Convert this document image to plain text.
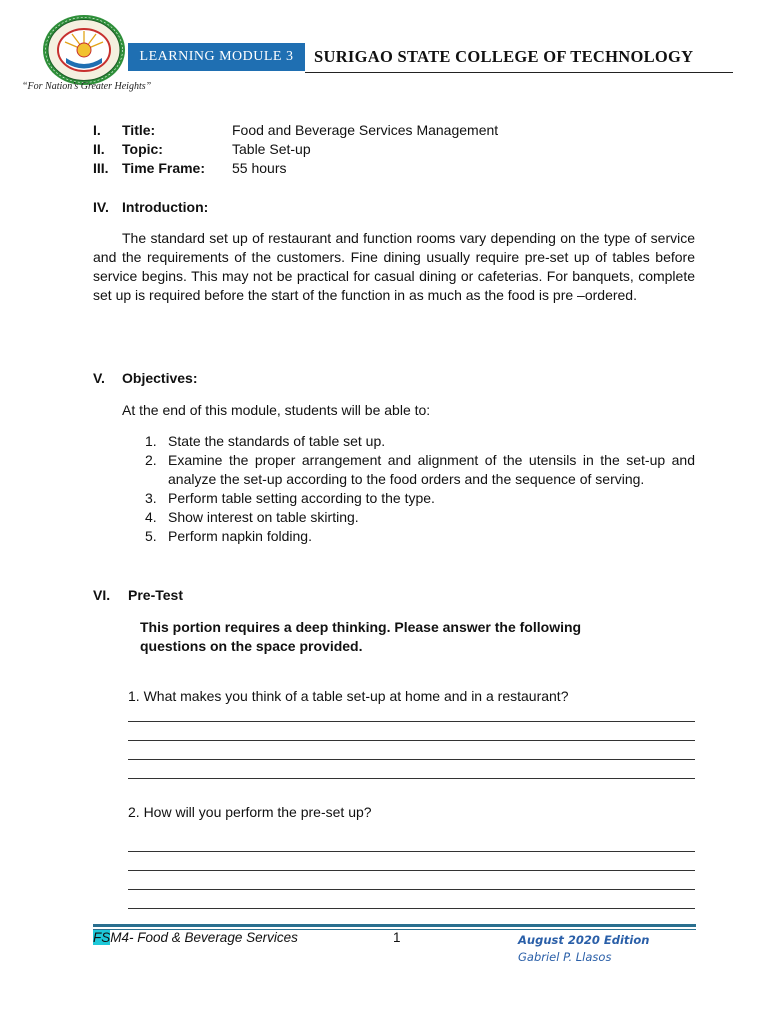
“For Nation’s Greater Heights”
LEARNING MODULE 3	SURIGAO STATE COLLEGE OF TECHNOLOGY
I. Title:	Food and Beverage Services Management
II. Topic:	Table Set-up
III. Time Frame: 55 hours
IV. Introduction:
The standard set up of restaurant and function rooms vary depending on the type of service and the requirements of the customers. Fine dining usually require pre-set up of tables before service begins. This may not be practical for casual dining or cafeterias. For banquets, complete set up is required before the start of the function in as much as the food is pre –ordered.
V. Objectives:
At the end of this module, students will be able to:
1. State the standards of table set up.
2. Examine the proper arrangement and alignment of the utensils in the set-up and analyze the set-up according to the food orders and the sequence of serving.
3. Perform table setting according to the type.
4. Show interest on table skirting.
5. Perform napkin folding.
VI. Pre-Test
This portion requires a deep thinking. Please answer the following
questions on the space provided.
1. What makes you think of a table set-up at home and in a restaurant?
2. How will you perform the pre-set up?
FSM4- Food & Beverage Services	1	August 2020 Edition
Gabriel P. Llasos
